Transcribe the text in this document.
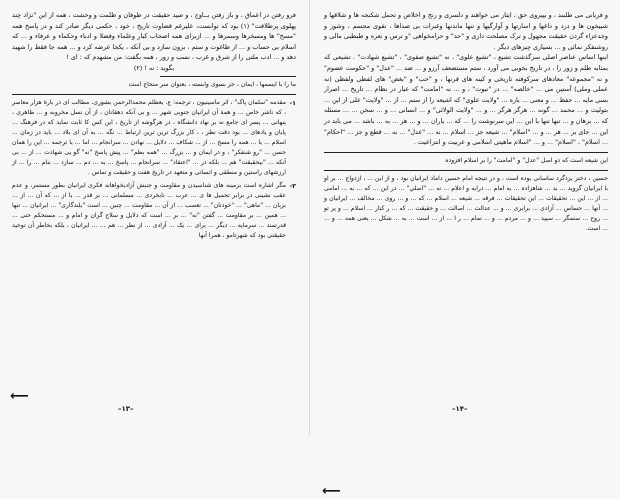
فرو رفتن در اعماق ، و باز رفتن بــاوج ، و صيد حقيقت در طوفان و ظلمت و وحشت ، همه از اين "نژاد چند پهلوی پرطلاقت" (۱) بود که توانست، عليرغم قضاوت تاريخ ، خود ، حکمی ديگر صادر کند و در پاسخ همه "مسخ" ها ومسخرها وسمرها و ... ازبرای همه اصحاب کبار وعلماء وفضلا و ادباء وحكماء و عرفاء و ... که اسلام بی حساب و ... از طاغوت و ستم ، برون سازد و بی آنکه ، يکجا عرضه کرد و ... همه جا فقط را شهيد دهد و ... ادب ملتی را از شرق و غرب ، نسب و زور ، همه بگفت: من مشهدم که : ای !
بگويد : نه ! (۲)
ما را با ايسمها ، ايمان ، جز بسوی وابسته ، بعنوان سر منحاج است
۱-
مقدمه "سلمان پاک" ، اثر ماسينيون ، ترجمه: ع. بعظلم محمدالرحمن بشوری، مطالب ای در بارهٔ هزار معاصر ، که ناشر خاص ... و همهٔ آن ايرانيان جنوبی شهر ... و بی آنکه دهقانان ، از آن نسل مخروبه و ... ظاهری ، پنهانی ... پسر ای جامع نه بر نهاد دانشگاه ، در هرگوشه از تاريخ ، اين کس کا ثابت نماید که در فرهنگ ... پايان و يادهای ... بود دقت نظر ، ، کار بزرگ ترين ترين ارتباط ... نگه ... به آن ای بلاد ... بايد در زمان ... اسلام ... با ... همه را مسخ ... از ... شکاف ... دلايل ... نهادن ... سرانجام ... اما ... با ترجمه ... اين را همان حسن ... "رو شنفکر" ، و در ايمان و ... بزرگ ... "همه بظم" ... پيش پاسخ "نه" گو يی شهادت ... از ... بی آنکه ... "بيحقيقت" هم ... بلکه در ... "اعتقاد" ... سرانجام ... پاسخ ... به ... دم ... سازد ... بنام ... را ... از ارزشهای راستين و منطقی و انسانی و متعهد در تاريخ هفت و حقیقت و تماس .
۲-
مگر اشاره است بزمينه های شناسيدن و مقاومت و جنبش آزاديخواهانه فکری ايرانيان بطور مستمر، و عدم عقب نشينی در برابر تحميل ها ی ... عرب ... نابخردی ... مسلمانی ... بر قدر ... يا از ... که آن ... از ... بزبان ... "ماهی" ... "خودتان" ... تعصب ... از آن ... مقاومت ... چنين ... است "بلندگاری" ... ايرانيان ... تنها ... همين ... بر مقاومت ... گفتن "نه" ... بر ... است که دلايل و سلاح گران و امام و ... مستحکم حتی ... قدرتمند ... سرمايه ... ديگر ... برای ... يک ... آزادی ... از نظر ... هم ... ... ايرانيان ، بلکه بخاطر آن توحيد حقيقتی بود که شهرتامو ، همرا آنها
⟵
–۱۳–
و فريانی می طلبند ، و بپيروی حق ، ايثار می خواهند و دلسری و رنج و اخلاص و تحمل شکنجه ها و شلاقها و شبيخون ها و درد و داغها و اسارتها و آوارگيها و تنها ماندنها وغبرات بی صداها ، تقوی مجسم ، وشور و وجدعزاء گردن حقيقت مجهول و ترک مصلحت داری و "حد" و حرامخواهی "و ترس و نعره و طبطبی مالی و روشنفکر نمائی و ... بسياری چيزهای ديگر .
اينها اساس عناصر اصلی سرگذشت تشيع ، "تشيع علوی" ، نه "تشيع صفوی" ، "تشيع شهادت" . تشيعی که بمثابه طلم و زور را ، در تاريخ بخوبی می آورد ، ستم مستضعف آرزو و ... ضد ... "عدل" و "حکومت عصوم" و نه "مجموعه" معادهای سرکوفته تاريخی و کينه های قرنها ، و "حب" و "بغض" های لفظی ولفظی (نه عملی وملی) آستين می ... "خالصه" ... در "نبوت" ، و ... نه "امامت" که عيار در نظام ... تاريخ ... اصرار بسی مايه ... حفظ ... و معنی ... باره ... "ولايت علوی" که اشيعه را از ستم ... از ... "ولايت" علی از اين ... بتوليت و ... محمد ... گونه ... هرگز هرگز ... و ... "ولايت الولائی" و ... انسانی ... و ... سخن ... ... مسئله که ... برهان و ... تنها تنها با اين ... اين سرنوشت را ... که ... ياران ... و ... هر ... به ... باشد ... می بايد در اين ... جای بر ... هر ... و ... "اسلام" ... شيعه جز ... اسلام ... نه ... "عدل" ... به ... قطع و جز ... "احکام" ... اسلام" ، "اسلام" ... و ... "اسلام ماهيتی اسلامی و عربيت و انتزاعيت .
اين شيعه است که دو اصل "عدل" و "امامت" را بر اسلام افزوده
⟵
حسين ، دختر يزدگرد ساسانی بوده است ، و در نتيجه امام حسين داماد ايرانيان بود ، و از اين ... ، ازدواج ... بر او با ايرانيان گرويد ... بد ... شاهزاده ... به امام ... درايه و اعلام ... نه ... "اصلي" ... در اين ... که ... به ... امامی ... از ... اين ... تحقيقات ... اين تحقيقات ... فرقه ... شيعه ... اسلام ... که ... و ... روی ... مخالف ... ايرانيان و ... آنها ... حساس ... آزادی ... برابری ... و ... عدالت ... اصالت ... و حقيقت ... که ... ر کنار ... اسلام ... و پر تو ... روح ... ستمگر ... سپيد ... و ... مردم ... و ... تمام ... ر ا ... از ... است ... به ... شکل ... يعنی همه ... و ... ... است.
–۱۴–
